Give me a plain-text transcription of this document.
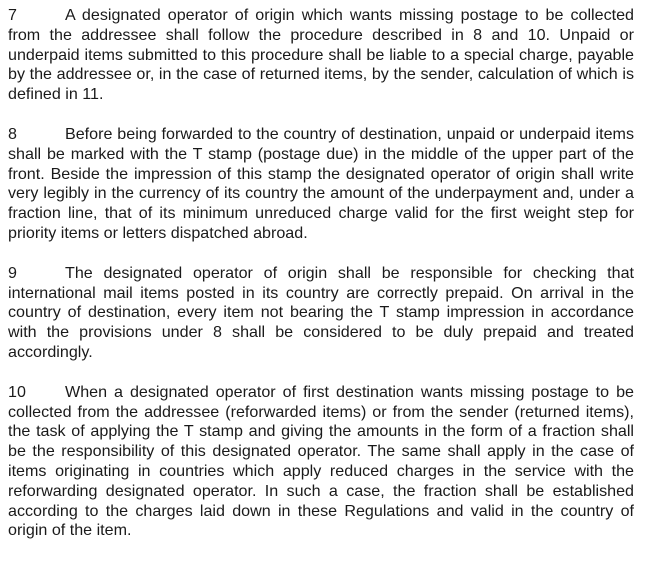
7	A designated operator of origin which wants missing postage to be collected from the addressee shall follow the procedure described in 8 and 10. Unpaid or underpaid items submitted to this procedure shall be liable to a special charge, payable by the addressee or, in the case of returned items, by the sender, calculation of which is defined in 11.

8	Before being forwarded to the country of destination, unpaid or underpaid items shall be marked with the T stamp (postage due) in the middle of the upper part of the front. Beside the impression of this stamp the designated operator of origin shall write very legibly in the currency of its country the amount of the underpayment and, under a fraction line, that of its minimum unreduced charge valid for the first weight step for priority items or letters dispatched abroad.

9	The designated operator of origin shall be responsible for checking that international mail items posted in its country are correctly prepaid. On arrival in the country of destination, every item not bearing the T stamp impression in accordance with the provisions under 8 shall be considered to be duly prepaid and treated accordingly.

10 When a designated operator of first destination wants missing postage to be collected from the addressee (reforwarded items) or from the sender (returned items), the task of applying the T stamp and giving the amounts in the form of a fraction shall be the responsibility of this designated operator. The same shall apply in the case of items originating in countries which apply reduced charges in the service with the reforwarding designated operator. In such a case, the fraction shall be established according to the charges laid down in these Regulations and valid in the country of origin of the item.
